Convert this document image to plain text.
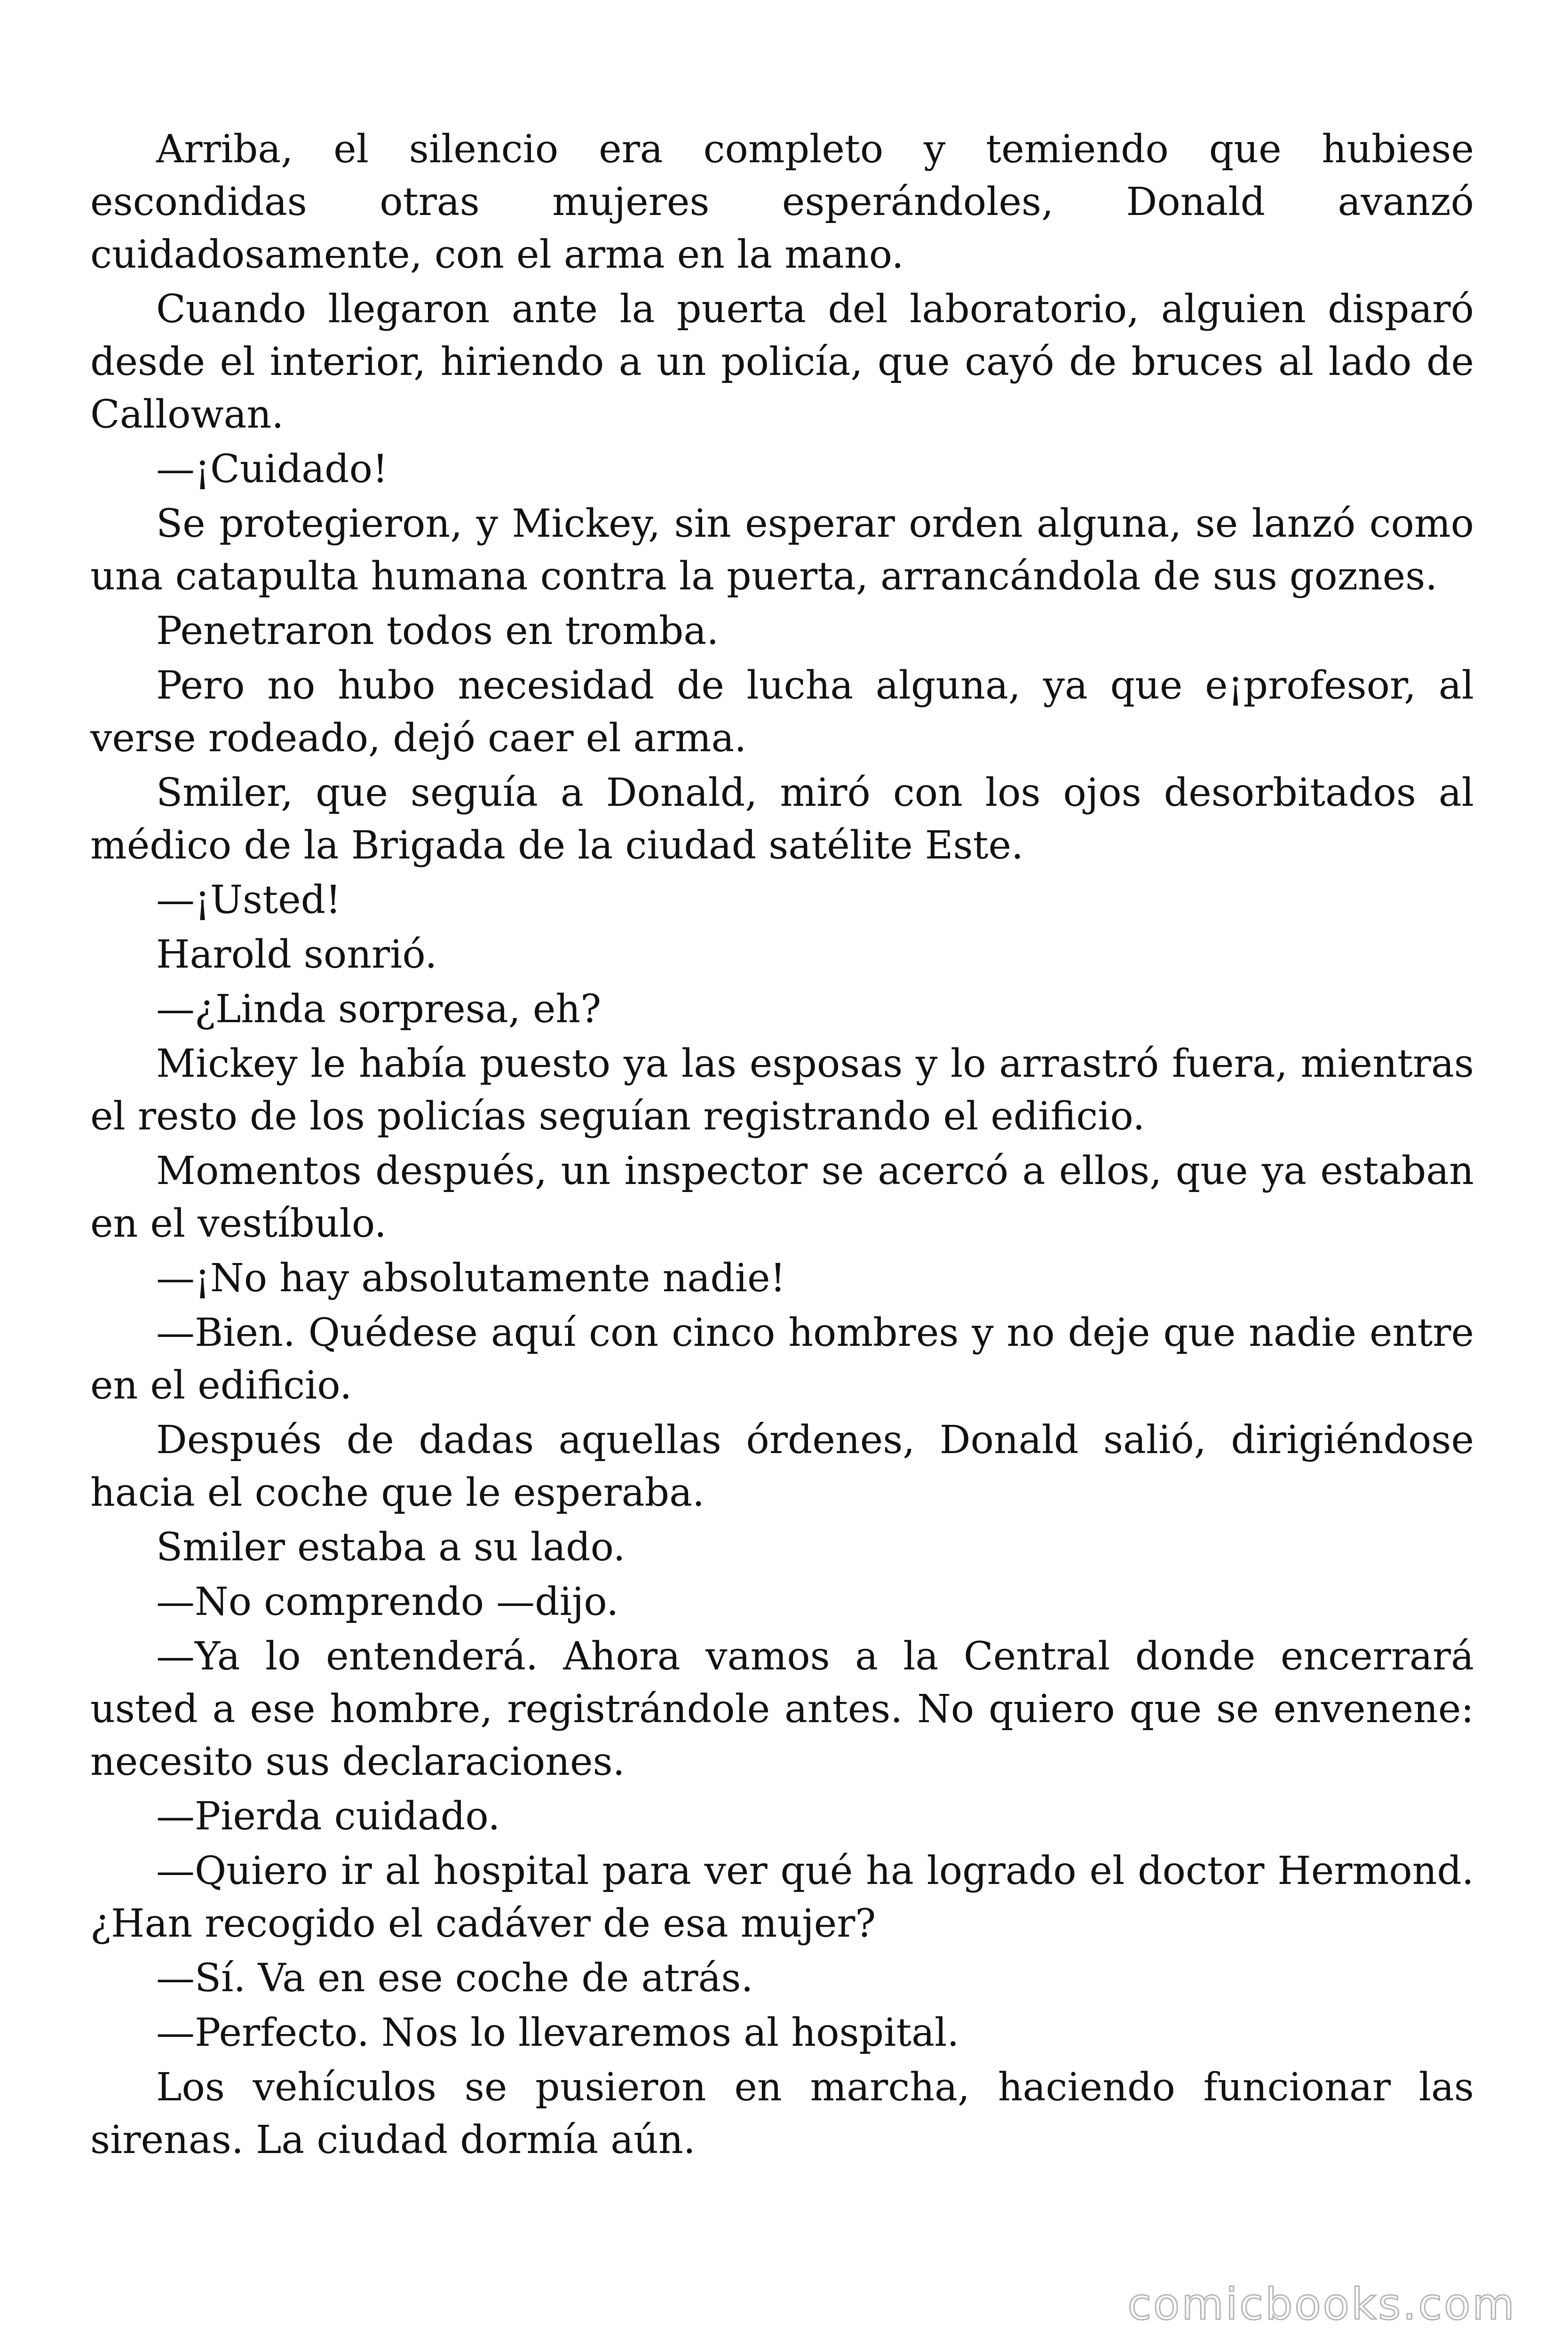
Arriba, el silencio era completo y temiendo que hubiese escondidas otras mujeres esperándoles, Donald avanzó cuidadosamente, con el arma en la mano.

Cuando llegaron ante la puerta del laboratorio, alguien disparó desde el interior, hiriendo a un policía, que cayó de bruces al lado de Callowan.

—¡Cuidado!

Se protegieron, y Mickey, sin esperar orden alguna, se lanzó como una catapulta humana contra la puerta, arrancándola de sus goznes.

Penetraron todos en tromba.

Pero no hubo necesidad de lucha alguna, ya que e¡profesor, al verse rodeado, dejó caer el arma.

Smiler, que seguía a Donald, miró con los ojos desorbitados al médico de la Brigada de la ciudad satélite Este.

—¡Usted!

Harold sonrió.

—¿Linda sorpresa, eh?

Mickey le había puesto ya las esposas y lo arrastró fuera, mientras el resto de los policías seguían registrando el edificio.

Momentos después, un inspector se acercó a ellos, que ya estaban en el vestíbulo.

—¡No hay absolutamente nadie!

—Bien. Quédese aquí con cinco hombres y no deje que nadie entre en el edificio.

Después de dadas aquellas órdenes, Donald salió, dirigiéndose hacia el coche que le esperaba.

Smiler estaba a su lado.

—No comprendo —dijo.

—Ya lo entenderá. Ahora vamos a la Central donde encerrará usted a ese hombre, registrándole antes. No quiero que se envenene: necesito sus declaraciones.

—Pierda cuidado.

—Quiero ir al hospital para ver qué ha logrado el doctor Hermond. ¿Han recogido el cadáver de esa mujer?

—Sí. Va en ese coche de atrás.

—Perfecto. Nos lo llevaremos al hospital.

Los vehículos se pusieron en marcha, haciendo funcionar las sirenas. La ciudad dormía aún.

comicbooks.com
